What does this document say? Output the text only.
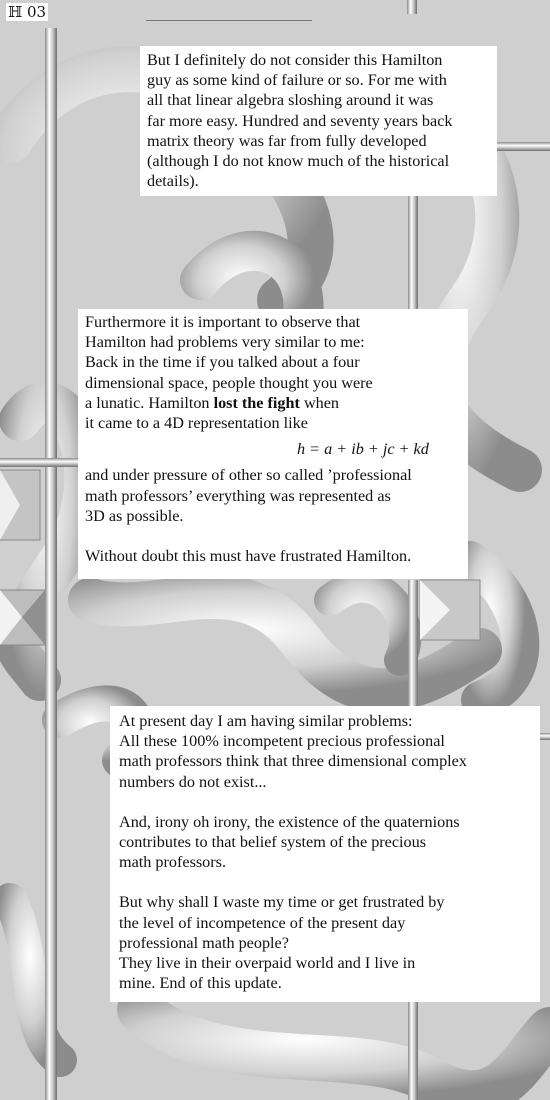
ℍ 03

But I definitely do not consider this Hamilton

guy as some kind of failure or so. For me with

all that linear algebra sloshing around it was

far more easy. Hundred and seventy years back

matrix theory was far from fully developed

(although I do not know much of the historical

details).

Furthermore it is important to observe that

Hamilton had problems very similar to me:

Back in the time if you talked about a four

dimensional space, people thought you were

a lunatic. Hamilton lost the fight when

it came to a 4D representation like

h = a + ib + jc + kd

and under pressure of other so called ’professional

math professors’ everything was represented as

3D as possible.

Without doubt this must have frustrated Hamilton.

At present day I am having similar problems:

All these 100% incompetent precious professional

math professors think that three dimensional complex

numbers do not exist...

And, irony oh irony, the existence of the quaternions

contributes to that belief system of the precious

math professors.

But why shall I waste my time or get frustrated by

the level of incompetence of the present day

professional math people?

They live in their overpaid world and I live in

mine. End of this update.
